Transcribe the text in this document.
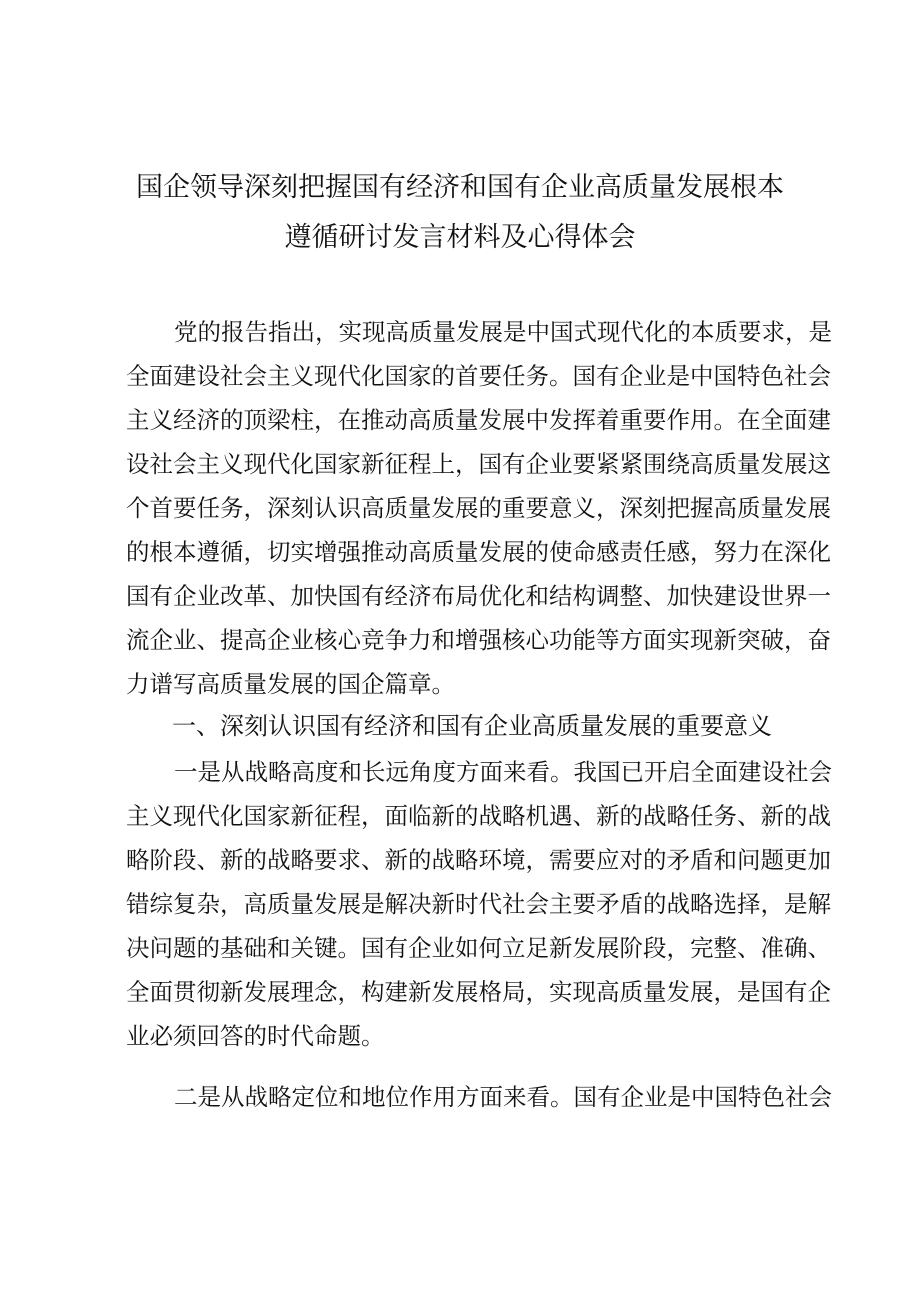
国企领导深刻把握国有经济和国有企业高质量发展根本
遵循研讨发言材料及心得体会
党的报告指出，实现高质量发展是中国式现代化的本质要求，是
全面建设社会主义现代化国家的首要任务。国有企业是中国特色社会
主义经济的顶梁柱，在推动高质量发展中发挥着重要作用。在全面建
设社会主义现代化国家新征程上，国有企业要紧紧围绕高质量发展这
个首要任务，深刻认识高质量发展的重要意义，深刻把握高质量发展
的根本遵循，切实增强推动高质量发展的使命感责任感，努力在深化
国有企业改革、加快国有经济布局优化和结构调整、加快建设世界一
流企业、提高企业核心竞争力和增强核心功能等方面实现新突破，奋
力谱写高质量发展的国企篇章。
一、深刻认识国有经济和国有企业高质量发展的重要意义
一是从战略高度和长远角度方面来看。我国已开启全面建设社会
主义现代化国家新征程，面临新的战略机遇、新的战略任务、新的战
略阶段、新的战略要求、新的战略环境，需要应对的矛盾和问题更加
错综复杂，高质量发展是解决新时代社会主要矛盾的战略选择，是解
决问题的基础和关键。国有企业如何立足新发展阶段，完整、准确、
全面贯彻新发展理念，构建新发展格局，实现高质量发展，是国有企
业必须回答的时代命题。
二是从战略定位和地位作用方面来看。国有企业是中国特色社会
